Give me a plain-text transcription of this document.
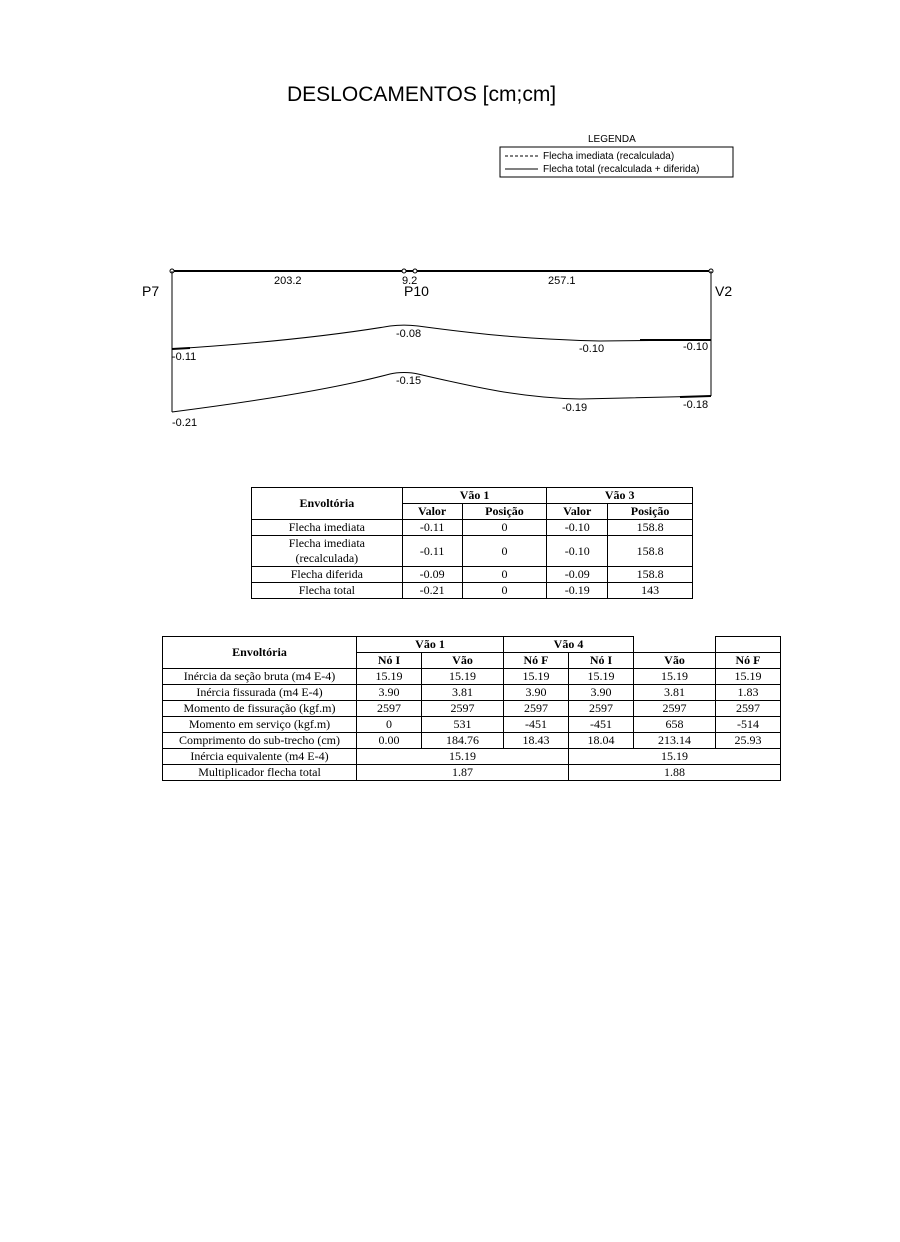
DESLOCAMENTOS [cm;cm]
LEGENDA
Flecha imediata (recalculada)
Flecha total (recalculada + diferida)
203.2	9.2	257.1
P7	P10	V2
-0.11
-0.08
-0.10	-0.10
-0.21
-0.15
-0.19	-0.18
Envoltória	Vão 1		Vão 3	
	Valor	Posição	Valor	Posição
Flecha imediata	-0.11	0	-0.10	158.8
Flecha imediata (recalculada)	-0.11	0	-0.10	158.8
Flecha diferida	-0.09	0	-0.09	158.8
Flecha total	-0.21	0	-0.19	143
Envoltória	Vão 1		Vão 4			
	Nó I	Vão	Nó F	Nó I	Vão	Nó F
Inércia da seção bruta (m4 E-4)	15.19	15.19	15.19	15.19	15.19	15.19
Inércia fissurada (m4 E-4)	3.90	3.81	3.90	3.90	3.81	1.83
Momento de fissuração (kgf.m)	2597	2597	2597	2597	2597	2597
Momento em serviço (kgf.m)	0	531	-451	-451	658	-514
Comprimento do sub-trecho (cm)	0.00	184.76	18.43	18.04	213.14	25.93
Inércia equivalente (m4 E-4)	15.19			15.19		
Multiplicador flecha total	1.87			1.88		
